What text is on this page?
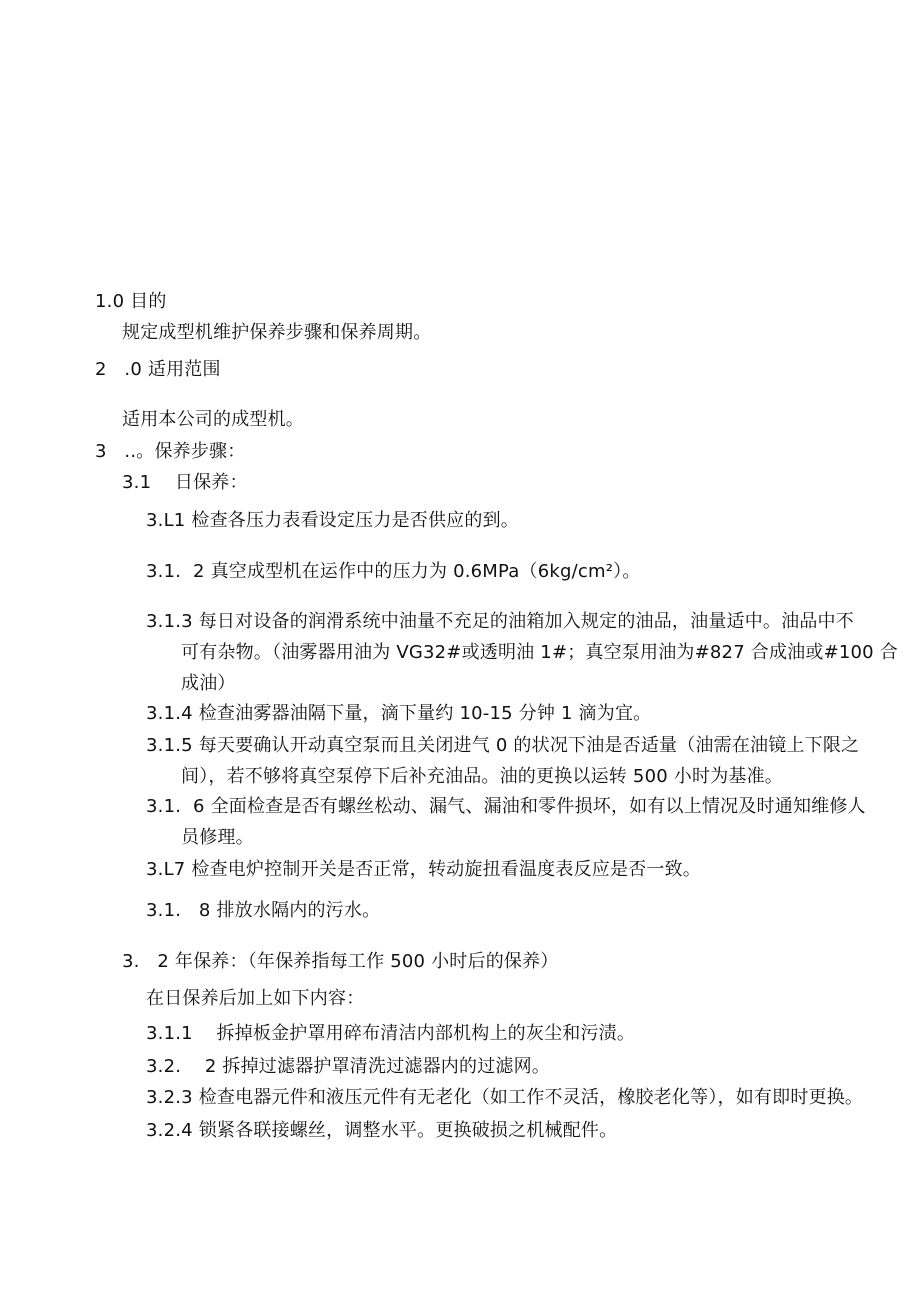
1.0 目的
规定成型机维护保养步骤和保养周期。
2   .0 适用范围
适用本公司的成型机。
3   ..。保养步骤：
3.1    日保养：
3.L1 检查各压力表看设定压力是否供应的到。
3.1.  2 真空成型机在运作中的压力为 0.6MPa（6kg∕cm²）。
3.1.3 每日对设备的润滑系统中油量不充足的油箱加入规定的油品，油量适中。油品中不
可有杂物。（油雾器用油为 VG32#或透明油 1#；真空泵用油为#827 合成油或#100 合
成油）
3.1.4 检查油雾器油隔下量，滴下量约 10-15 分钟 1 滴为宜。
3.1.5 每天要确认开动真空泵而且关闭进气 0 的状况下油是否适量（油需在油镜上下限之
间），若不够将真空泵停下后补充油品。油的更换以运转 500 小时为基准。
3.1.  6 全面检查是否有螺丝松动、漏气、漏油和零件损坏，如有以上情况及时通知维修人
员修理。
3.L7 检查电炉控制开关是否正常，转动旋扭看温度表反应是否一致。
3.1.   8 排放水隔内的污水。
3.   2 年保养：（年保养指每工作 500 小时后的保养）
在日保养后加上如下内容：
3.1.1    拆掉板金护罩用碎布清洁内部机构上的灰尘和污渍。
3.2.    2 拆掉过滤器护罩清洗过滤器内的过滤网。
3.2.3 检查电器元件和液压元件有无老化（如工作不灵活，橡胶老化等），如有即时更换。
3.2.4 锁紧各联接螺丝，调整水平。更换破损之机械配件。
